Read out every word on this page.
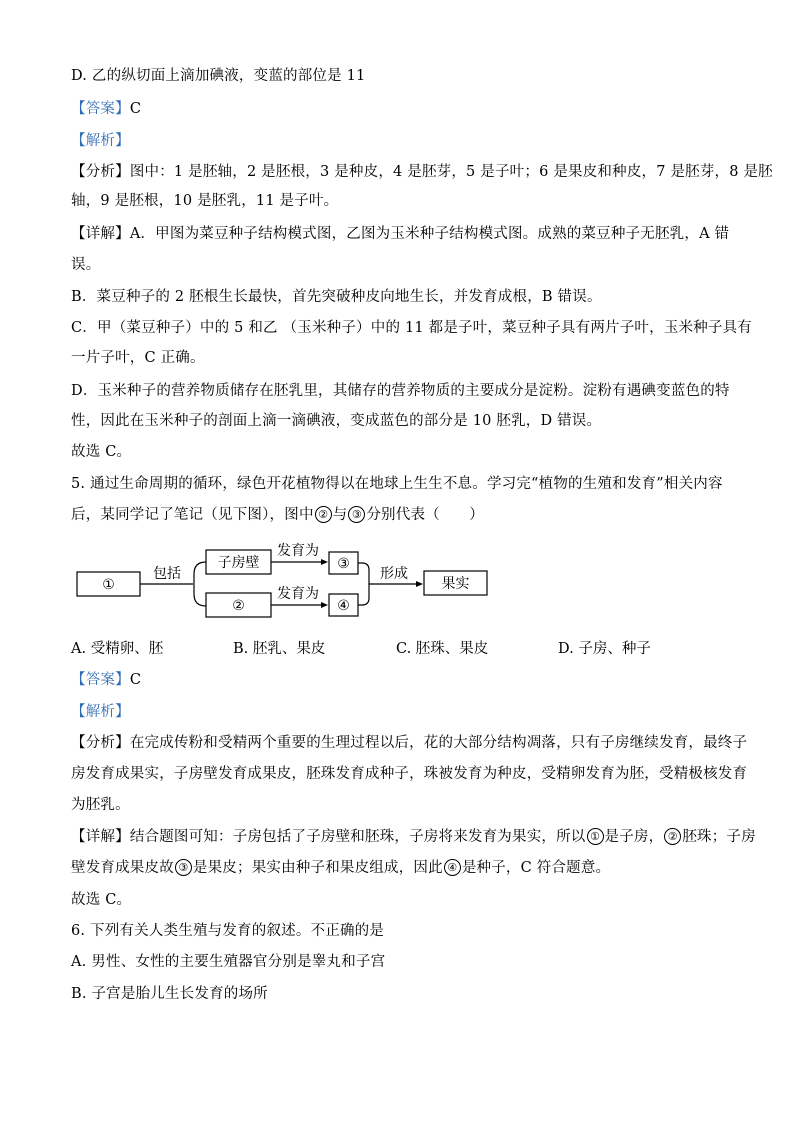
D. 乙的纵切面上滴加碘液，变蓝的部位是 11
【答案】C
【解析】
【分析】图中：1 是胚轴，2 是胚根，3 是种皮，4 是胚芽，5 是子叶；6 是果皮和种皮，7 是胚芽，8 是胚
轴，9 是胚根，10 是胚乳，11 是子叶。
【详解】A．甲图为菜豆种子结构模式图，乙图为玉米种子结构模式图。成熟的菜豆种子无胚乳，A 错
误。
B．菜豆种子的 2 胚根生长最快，首先突破种皮向地生长，并发育成根，B 错误。
C．甲（菜豆种子）中的 5 和乙 （玉米种子）中的 11 都是子叶，菜豆种子具有两片子叶，玉米种子具有
一片子叶，C 正确。
D．玉米种子的营养物质储存在胚乳里，其储存的营养物质的主要成分是淀粉。淀粉有遇碘变蓝色的特
性，因此在玉米种子的剖面上滴一滴碘液，变成蓝色的部分是 10 胚乳，D 错误。
故选 C。
5. 通过生命周期的循环，绿色开花植物得以在地球上生生不息。学习完“植物的生殖和发育”相关内容
后，某同学记了笔记（见下图），图中 ② 与 ③ 分别代表（　　）
①
包括
子房壁
②
发育为
发育为
③
④
形成
果实
A. 受精卵、胚	B. 胚乳、果皮	C. 胚珠、果皮	D. 子房、种子
【答案】C
【解析】
【分析】在完成传粉和受精两个重要的生理过程以后，花的大部分结构凋落，只有子房继续发育，最终子
房发育成果实，子房壁发育成果皮，胚珠发育成种子，珠被发育为种皮，受精卵发育为胚，受精极核发育
为胚乳。
【详解】结合题图可知：子房包括了子房壁和胚珠，子房将来发育为果实，所以 ① 是子房， ② 胚珠；子房
壁发育成果皮故 ③ 是果皮；果实由种子和果皮组成，因此 ④ 是种子，C 符合题意。
故选 C。
6. 下列有关人类生殖与发育的叙述。不正确的是
A. 男性、女性的主要生殖器官分别是睾丸和子宫
B. 子宫是胎儿生长发育的场所
